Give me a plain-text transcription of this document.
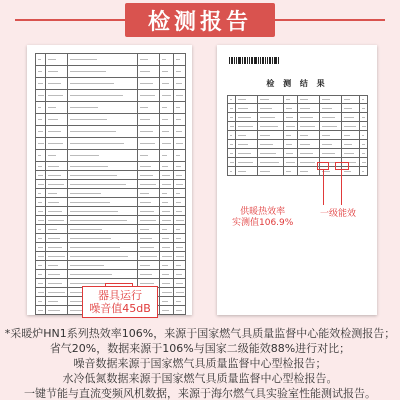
检测报告

检 测 结 果

供暖热效率
实测值106.9%
一级能效
器具运行
噪音值45dB
*采暖炉HN1系列热效率106%，来源于国家燃气具质量监督中心能效检测报告；
省气20%，数据来源于106%与国家二级能效88%进行对比；
噪音数据来源于国家燃气具质量监督中心型检报告；
水冷低氮数据来源于国家燃气具质量监督中心型检报告。
一键节能与直流变频风机数据，来源于海尔燃气具实验室性能测试报告。
